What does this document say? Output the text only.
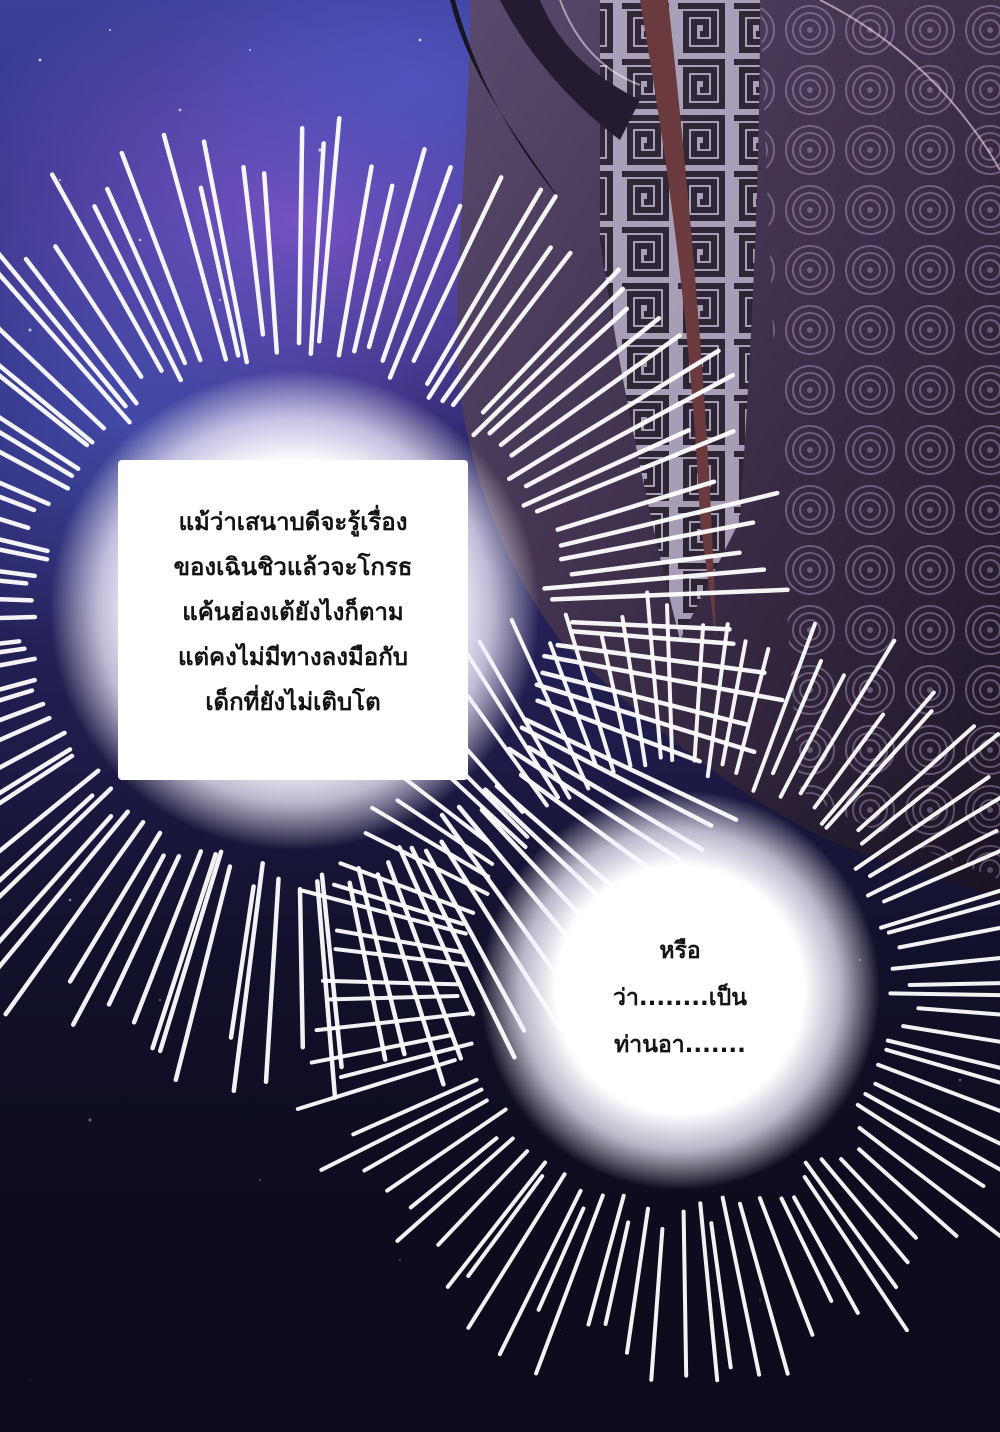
แม้ว่าเสนาบดีจะรู้เรื่อง
ของเฉินชิวแล้วจะโกรธ
แค้นฮ่องเต้ยังไงก็ตาม
แต่คงไม่มีทางลงมือกับ
เด็กที่ยังไม่เติบโต
หรือ
ว่า........เป็น
ท่านอา.......
